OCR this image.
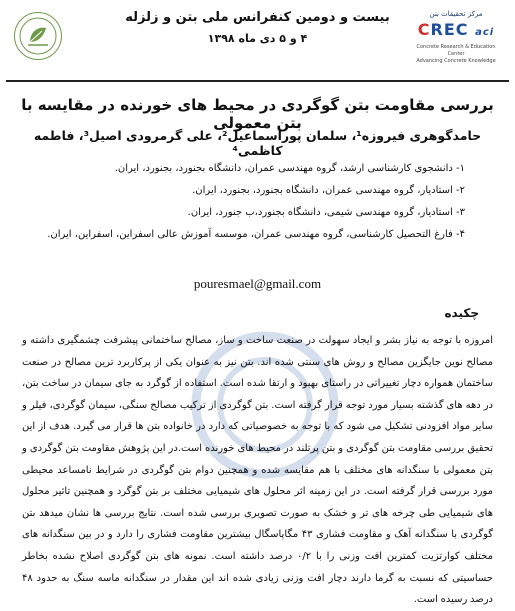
بیست و دومین کنفرانس ملی بتن و زلزله
۴ و ۵ دی ماه ۱۳۹۸
مرکز تحقیقات بتن
CREC aci
Concrete Research & Education Center
Advancing Concrete Knowledge
بررسی مقاومت بتن گوگردی در محیط های خورنده در مقایسه با بتن معمولی
حامدگوهری فیروزه¹، سلمان پوراسماعیل²، علی گرمرودی اصیل³، فاطمه کاظمی⁴
۱- دانشجوی کارشناسی ارشد، گروه مهندسی عمران، دانشگاه بجنورد، بجنورد، ایران.
۲- استادیار، گروه مهندسی عمران، دانشگاه بجنورد، بجنورد، ایران.
۳- استادیار، گروه مهندسی شیمی، دانشگاه بجنورد،ب جنورد، ایران.
۴- فارغ التحصیل کارشناسی، گروه مهندسی عمران، موسسه آموزش عالی اسفراین، اسفراین، ایران.
pouresmael@gmail.com
چکیده
امروزه با توجه به نیاز بشر و ایجاد سهولت در صنعت ساخت و ساز، مصالح ساختمانی پیشرفت چشمگیری داشته و مصالح نوین جایگزین مصالح و روش های سنتی شده اند. بتن نیز به عنوان یکی از پرکاربرد ترین مصالح در صنعت ساختمان همواره دچار تغییراتی در راستای بهبود و ارتقا شده است. استفاده از گوگرد به جای سیمان در ساخت بتن، در دهه های گذشته بسیار مورد توجه قرار گرفته است. بتن گوگردی از ترکیب مصالح سنگی، سیمان گوگردی، فیلر و سایر مواد افزودنی تشکیل می شود که با توجه به خصوصیاتی که دارد در خانواده بتن ها قرار می گیرد. هدف از این تحقیق بررسی مقاومت بتن گوگردی و بتن پرتلند در محیط های خورنده است.در این پژوهش مقاومت بتن گوگردی و بتن معمولی با سنگدانه های مختلف با هم مقایسه شده و همچنین دوام بتن گوگردی در شرایط نامساعد محیطی مورد بررسی قرار گرفته است. در این زمینه اثر محلول های شیمیایی مختلف بر بتن گوگرد و همچنین تاثیر محلول های شیمیایی طی چرخه های تر و خشک به صورت تصویری بررسی شده است. نتایج بررسی ها نشان میدهد بتن گوگردی با سنگدانه آهک و مقاومت فشاری ۴۳ مگاپاسگال بیشترین مقاومت فشاری را دارد و در بین سنگدانه های مختلف کوارتزیت کمترین افت وزنی را با ۰/۲ درصد داشته است. نمونه های بتن گوگردی اصلاح نشده بخاطر حساسیتی که نسبت به گرما دارند دچار افت وزنی زیادی شده اند این مقدار در سنگدانه ماسه سنگ به حدود ۴۸ درصد رسیده است.
